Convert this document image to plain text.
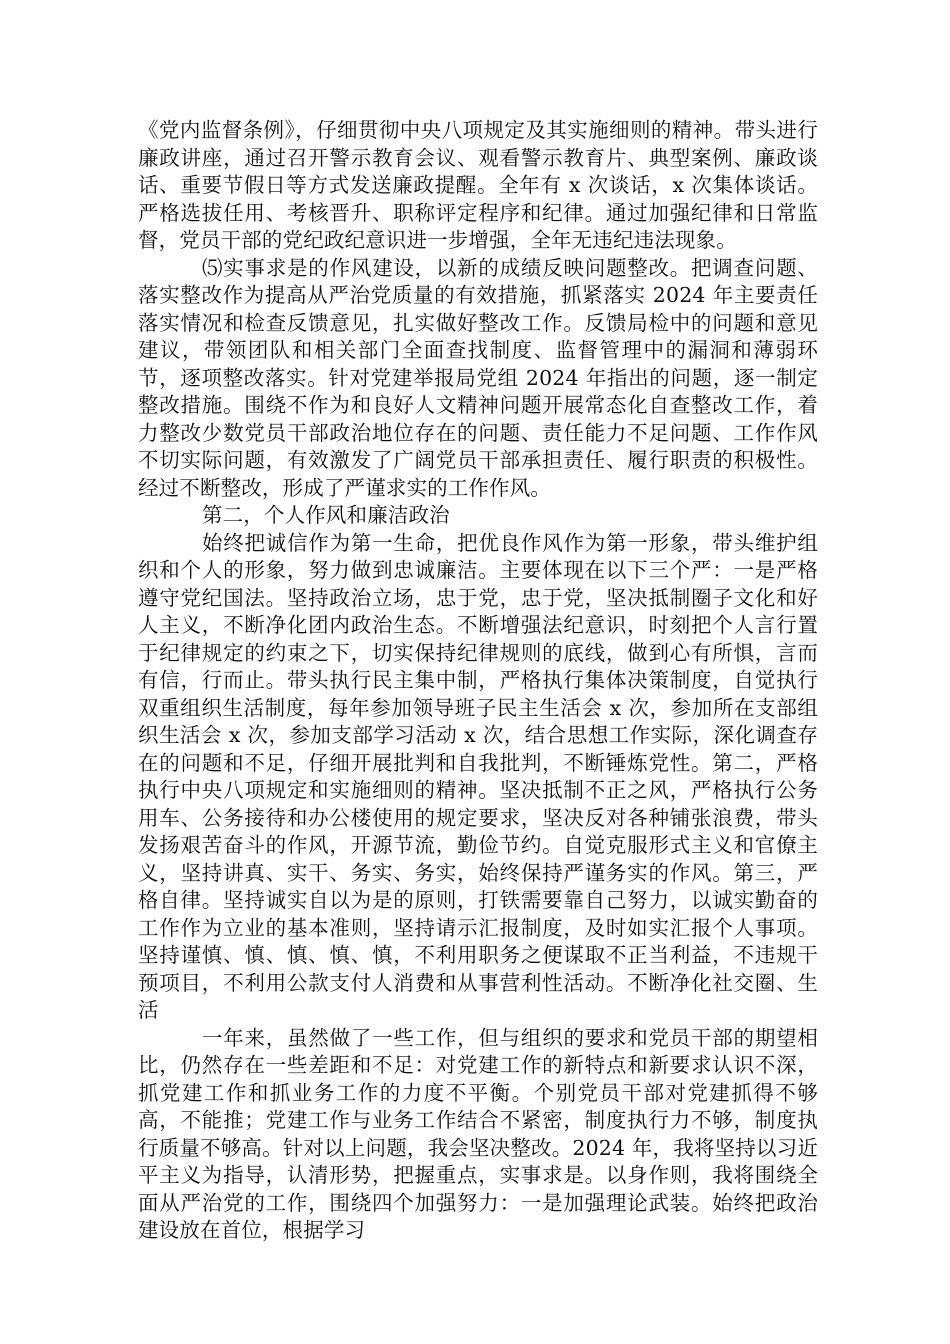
《党内监督条例》，仔细贯彻中央八项规定及其实施细则的精神。带头进行廉政讲座，通过召开警示教育会议、观看警示教育片、典型案例、廉政谈话、重要节假日等方式发送廉政提醒。全年有 x 次谈话，x 次集体谈话。严格选拔任用、考核晋升、职称评定程序和纪律。通过加强纪律和日常监督，党员干部的党纪政纪意识进一步增强，全年无违纪违法现象。

⑸实事求是的作风建设，以新的成绩反映问题整改。把调查问题、落实整改作为提高从严治党质量的有效措施，抓紧落实 2024 年主要责任落实情况和检查反馈意见，扎实做好整改工作。反馈局检中的问题和意见建议，带领团队和相关部门全面查找制度、监督管理中的漏洞和薄弱环节，逐项整改落实。针对党建举报局党组 2024 年指出的问题，逐一制定整改措施。围绕不作为和良好人文精神问题开展常态化自查整改工作，着力整改少数党员干部政治地位存在的问题、责任能力不足问题、工作作风不切实际问题，有效激发了广阔党员干部承担责任、履行职责的积极性。经过不断整改，形成了严谨求实的工作作风。

第二，个人作风和廉洁政治

始终把诚信作为第一生命，把优良作风作为第一形象，带头维护组织和个人的形象，努力做到忠诚廉洁。主要体现在以下三个严：一是严格遵守党纪国法。坚持政治立场，忠于党，忠于党，坚决抵制圈子文化和好人主义，不断净化团内政治生态。不断增强法纪意识，时刻把个人言行置于纪律规定的约束之下，切实保持纪律规则的底线，做到心有所惧，言而有信，行而止。带头执行民主集中制，严格执行集体决策制度，自觉执行双重组织生活制度，每年参加领导班子民主生活会 x 次，参加所在支部组织生活会 x 次，参加支部学习活动 x 次，结合思想工作实际，深化调查存在的问题和不足，仔细开展批判和自我批判，不断锤炼党性。第二，严格执行中央八项规定和实施细则的精神。坚决抵制不正之风，严格执行公务用车、公务接待和办公楼使用的规定要求，坚决反对各种铺张浪费，带头发扬艰苦奋斗的作风，开源节流，勤俭节约。自觉克服形式主义和官僚主义，坚持讲真、实干、务实、务实，始终保持严谨务实的作风。第三，严格自律。坚持诚实自以为是的原则，打铁需要靠自己努力，以诚实勤奋的工作作为立业的基本准则，坚持请示汇报制度，及时如实汇报个人事项。坚持谨慎、慎、慎、慎、慎，不利用职务之便谋取不正当利益，不违规干预项目，不利用公款支付人消费和从事营利性活动。不断净化社交圈、生活

一年来，虽然做了一些工作，但与组织的要求和党员干部的期望相比，仍然存在一些差距和不足：对党建工作的新特点和新要求认识不深，抓党建工作和抓业务工作的力度不平衡。个别党员干部对党建抓得不够高，不能推；党建工作与业务工作结合不紧密，制度执行力不够，制度执行质量不够高。针对以上问题，我会坚决整改。2024 年，我将坚持以习近平主义为指导，认清形势，把握重点，实事求是。以身作则，我将围绕全面从严治党的工作，围绕四个加强努力：一是加强理论武装。始终把政治建设放在首位，根据学习
